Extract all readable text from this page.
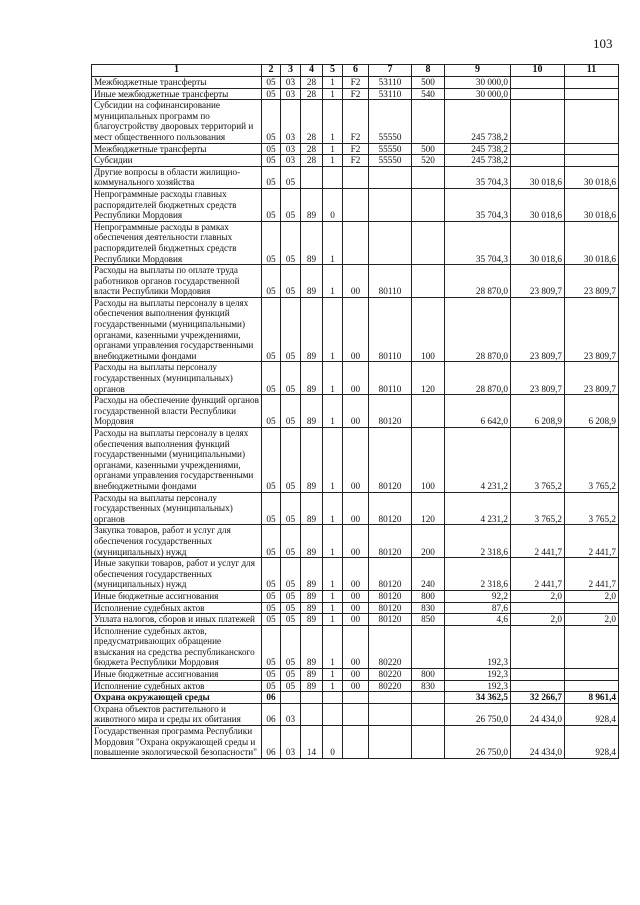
103
1	2	3	4	5	6	7	8	9	10	11
Межбюджетные трансферты	05	03	28	1	F2	53110	500	30 000,0		
Иные межбюджетные трансферты	05	03	28	1	F2	53110	540	30 000,0		
Субсидии на софинансирование муниципальных программ по благоустройству дворовых территорий и мест общественного пользования	05	03	28	1	F2	55550		245 738,2		
Межбюджетные трансферты	05	03	28	1	F2	55550	500	245 738,2		
Субсидии	05	03	28	1	F2	55550	520	245 738,2		
Другие вопросы в области жилищно-коммунального хозяйства	05	05						35 704,3	30 018,6	30 018,6
Непрограммные расходы главных распорядителей бюджетных средств Республики Мордовия	05	05	89	0				35 704,3	30 018,6	30 018,6
Непрограммные расходы в рамках обеспечения деятельности главных распорядителей бюджетных средств Республики Мордовия	05	05	89	1				35 704,3	30 018,6	30 018,6
Расходы на выплаты по оплате труда работников органов государственной власти Республики Мордовия	05	05	89	1	00	80110		28 870,0	23 809,7	23 809,7
Расходы на выплаты персоналу в целях обеспечения выполнения функций государственными (муниципальными) органами, казенными учреждениями, органами управления государственными внебюджетными фондами	05	05	89	1	00	80110	100	28 870,0	23 809,7	23 809,7
Расходы на выплаты персоналу государственных (муниципальных) органов	05	05	89	1	00	80110	120	28 870,0	23 809,7	23 809,7
Расходы на обеспечение функций органов государственной власти Республики Мордовия	05	05	89	1	00	80120		6 642,0	6 208,9	6 208,9
Расходы на выплаты персоналу в целях обеспечения выполнения функций государственными (муниципальными) органами, казенными учреждениями, органами управления государственными внебюджетными фондами	05	05	89	1	00	80120	100	4 231,2	3 765,2	3 765,2
Расходы на выплаты персоналу государственных (муниципальных) органов	05	05	89	1	00	80120	120	4 231,2	3 765,2	3 765,2
Закупка товаров, работ и услуг для обеспечения государственных (муниципальных) нужд	05	05	89	1	00	80120	200	2 318,6	2 441,7	2 441,7
Иные закупки товаров, работ и услуг для обеспечения государственных (муниципальных) нужд	05	05	89	1	00	80120	240	2 318,6	2 441,7	2 441,7
Иные бюджетные ассигнования	05	05	89	1	00	80120	800	92,2	2,0	2,0
Исполнение судебных актов	05	05	89	1	00	80120	830	87,6		
Уплата налогов, сборов и иных платежей	05	05	89	1	00	80120	850	4,6	2,0	2,0
Исполнение судебных актов, предусматривающих обращение взыскания на средства республиканского бюджета Республики Мордовия	05	05	89	1	00	80220		192,3		
Иные бюджетные ассигнования	05	05	89	1	00	80220	800	192,3		
Исполнение судебных актов	05	05	89	1	00	80220	830	192,3		
Охрана окружающей среды	06							34 362,5	32 266,7	8 961,4
Охрана объектов растительного и животного мира и среды их обитания	06	03						26 750,0	24 434,0	928,4
Государственная программа Республики Мордовия "Охрана окружающей среды и повышение экологической безопасности"	06	03	14	0				26 750,0	24 434,0	928,4
